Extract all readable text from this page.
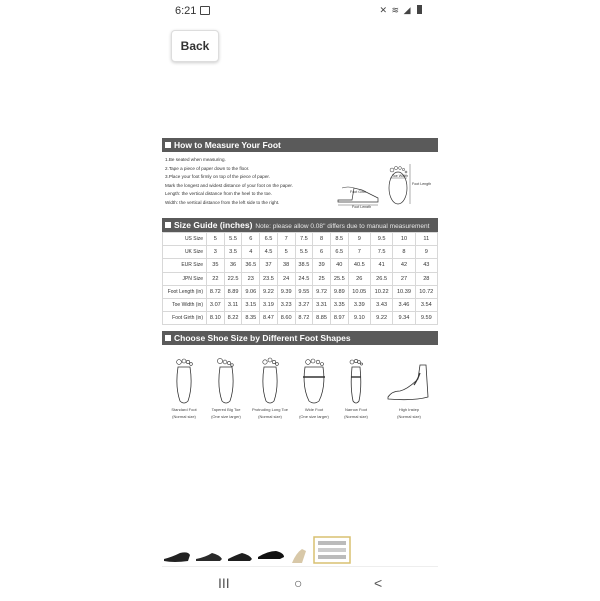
6:21	✕ ≋ ◢
Back
How to Measure Your Foot
1.Be seated when measuring.
2.Tape a piece of paper down to the floor.
3.Place your foot firmly on top of the piece of paper.
Mark the longest and widest distance of your foot on the paper.
Length: the vertical distance from the heel to the toe.
Width: the vertical distance from the left side to the right.
Foot Girth
Foot Length
Toe Width
Foot Length
Size Guide (inches) Note: please allow 0.08'' differs due to manual measurement
US Size	5	5.5	6	6.5	7	7.5	8	8.5	9	9.5	10	11
UK Size	3	3.5	4	4.5	5	5.5	6	6.5	7	7.5	8	9
EUR Size	35	36	36.5	37	38	38.5	39	40	40.5	41	42	43
JPN Size	22	22.5	23	23.5	24	24.5	25	25.5	26	26.5	27	28
Foot Length (in)	8.72	8.89	9.06	9.22	9.39	9.55	9.72	9.89	10.05	10.22	10.39	10.72
Toe Width (in)	3.07	3.11	3.15	3.19	3.23	3.27	3.31	3.35	3.39	3.43	3.46	3.54
Foot Girth (in)	8.10	8.22	8.35	8.47	8.60	8.72	8.85	8.97	9.10	9.22	9.34	9.59
Choose Shoe Size by Different Foot Shapes
Standard Foot
(Normal size)
Tapered Big Toe
(One size larger)
Protruding Long Toe
(Normal size)
Wide Foot
(One size larger)
Narrow Foot
(Normal size)
High Instep
(Normal size)
III	○	<
